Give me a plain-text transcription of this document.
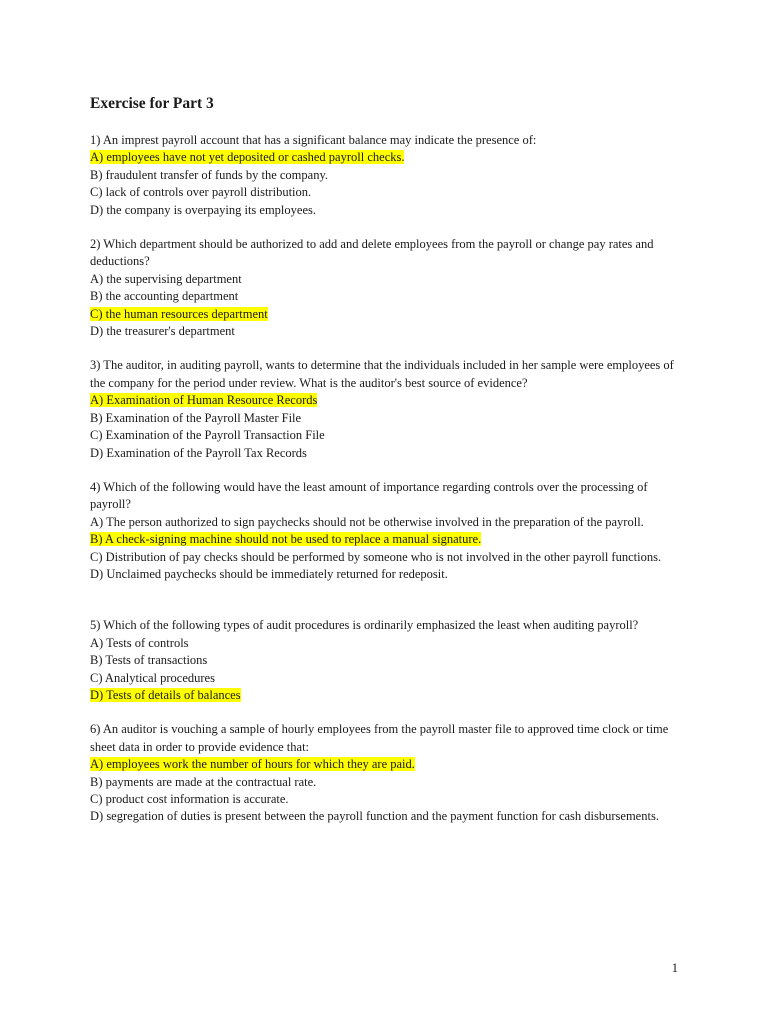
Exercise for Part 3
1) An imprest payroll account that has a significant balance may indicate the presence of:
A) employees have not yet deposited or cashed payroll checks.
B) fraudulent transfer of funds by the company.
C) lack of controls over payroll distribution.
D) the company is overpaying its employees.
2) Which department should be authorized to add and delete employees from the payroll or change pay rates and deductions?
A) the supervising department
B) the accounting department
C) the human resources department
D) the treasurer's department
3) The auditor, in auditing payroll, wants to determine that the individuals included in her sample were employees of the company for the period under review. What is the auditor's best source of evidence?
A) Examination of Human Resource Records
B) Examination of the Payroll Master File
C) Examination of the Payroll Transaction File
D) Examination of the Payroll Tax Records
4) Which of the following would have the least amount of importance regarding controls over the processing of payroll?
A) The person authorized to sign paychecks should not be otherwise involved in the preparation of the payroll.
B) A check-signing machine should not be used to replace a manual signature.
C) Distribution of pay checks should be performed by someone who is not involved in the other payroll functions.
D) Unclaimed paychecks should be immediately returned for redeposit.
5) Which of the following types of audit procedures is ordinarily emphasized the least when auditing payroll?
A) Tests of controls
B) Tests of transactions
C) Analytical procedures
D) Tests of details of balances
6) An auditor is vouching a sample of hourly employees from the payroll master file to approved time clock or time sheet data in order to provide evidence that:
A) employees work the number of hours for which they are paid.
B) payments are made at the contractual rate.
C) product cost information is accurate.
D) segregation of duties is present between the payroll function and the payment function for cash disbursements.
1
